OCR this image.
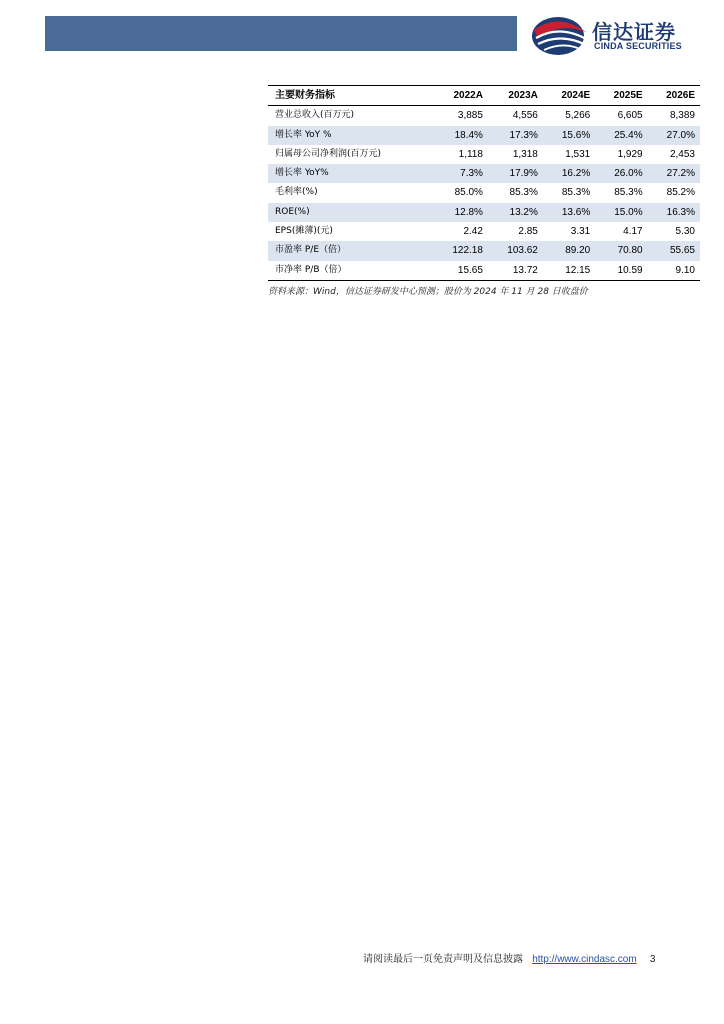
信达证券
CINDA SECURITIES
主要财务指标	2022A	2023A	2024E	2025E	2026E
营业总收入(百万元)	3,885	4,556	5,266	6,605	8,389
增长率 YoY %	18.4%	17.3%	15.6%	25.4%	27.0%
归属母公司净利润(百万元)	1,118	1,318	1,531	1,929	2,453
增长率 YoY%	7.3%	17.9%	16.2%	26.0%	27.2%
毛利率(%)	85.0%	85.3%	85.3%	85.3%	85.2%
ROE(%)	12.8%	13.2%	13.6%	15.0%	16.3%
EPS(摊薄)(元)	2.42	2.85	3.31	4.17	5.30
市盈率 P/E（倍）	122.18	103.62	89.20	70.80	55.65
市净率 P/B（倍）	15.65	13.72	12.15	10.59	9.10
资料来源：Wind，信达证券研发中心预测；股价为 2024 年 11 月 28 日收盘价
请阅读最后一页免责声明及信息披露 http://www.cindasc.com 3
